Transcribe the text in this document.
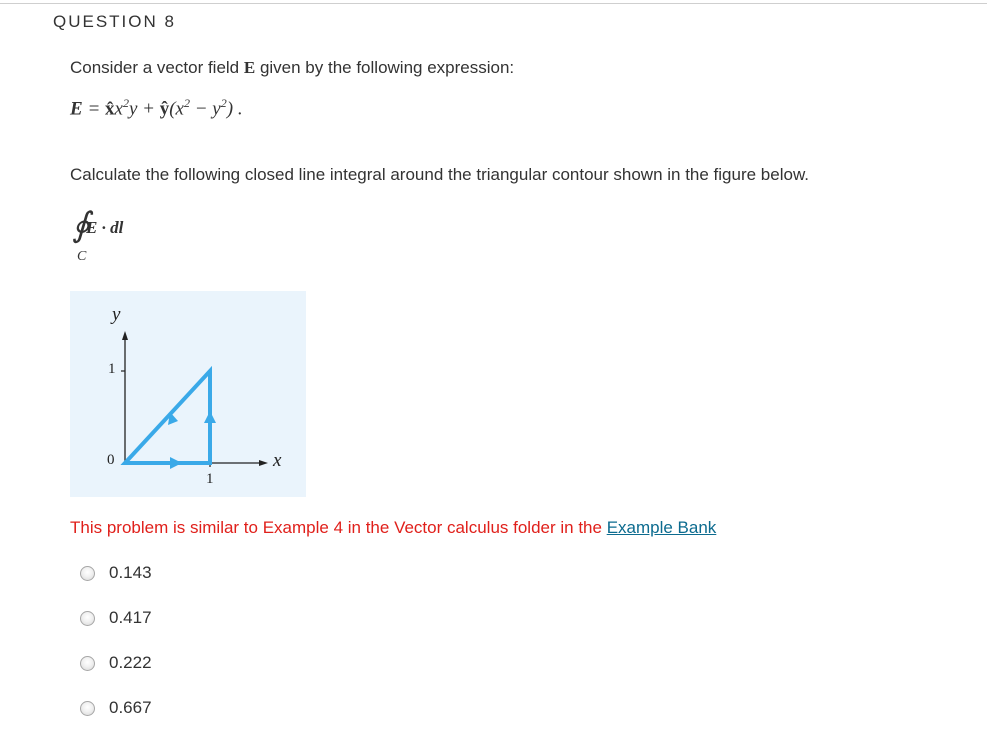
QUESTION 8
Consider a vector field E given by the following expression:
$E = x̂x^2y$ + $ŷ(x^2 - y^2)$ .
Calculate the following closed line integral around the triangular contour shown in the figure below.
∮
E · dl
C
y
1
0
1
x
This problem is similar to Example 4 in the Vector calculus folder in the Example Bank
0.143
0.417
0.222
0.667
